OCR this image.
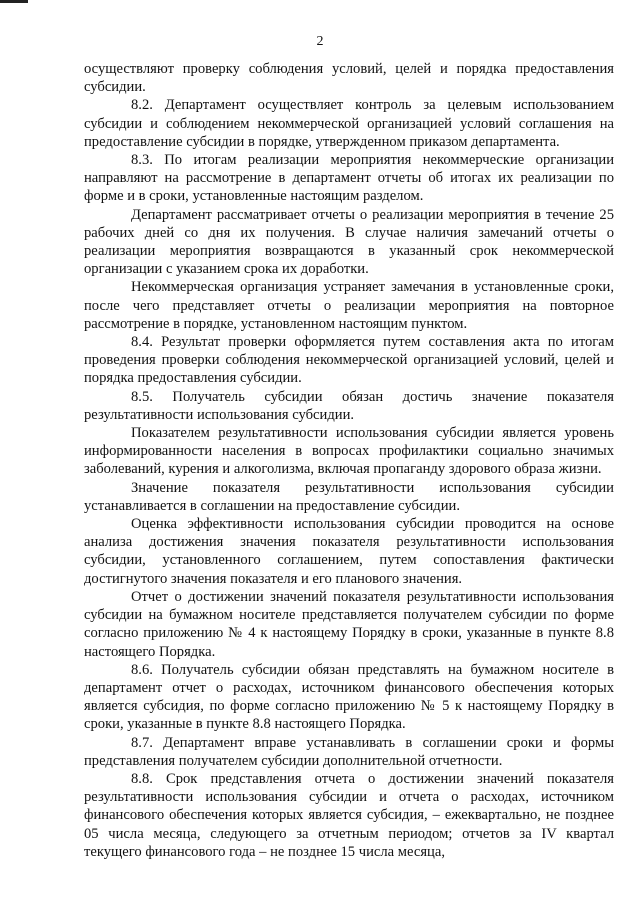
2

осуществляют проверку соблюдения условий, целей и порядка предоставления субсидии.

8.2. Департамент осуществляет контроль за целевым использованием субсидии и соблюдением некоммерческой организацией условий соглашения на предоставление субсидии в порядке, утвержденном приказом департамента.

8.3. По итогам реализации мероприятия некоммерческие организации направляют на рассмотрение в департамент отчеты об итогах их реализации по форме и в сроки, установленные настоящим разделом.

Департамент рассматривает отчеты о реализации мероприятия в течение 25 рабочих дней со дня их получения. В случае наличия замечаний отчеты о реализации мероприятия возвращаются в указанный срок некоммерческой организации с указанием срока их доработки.

Некоммерческая организация устраняет замечания в установленные сроки, после чего представляет отчеты о реализации мероприятия на повторное рассмотрение в порядке, установленном настоящим пунктом.

8.4. Результат проверки оформляется путем составления акта по итогам проведения проверки соблюдения некоммерческой организацией условий, целей и порядка предоставления субсидии.

8.5. Получатель субсидии обязан достичь значение показателя результативности использования субсидии.

Показателем результативности использования субсидии является уровень информированности населения в вопросах профилактики социально значимых заболеваний, курения и алкоголизма, включая пропаганду здорового образа жизни.

Значение показателя результативности использования субсидии устанавливается в соглашении на предоставление субсидии.

Оценка эффективности использования субсидии проводится на основе анализа достижения значения показателя результативности использования субсидии, установленного соглашением, путем сопоставления фактически достигнутого значения показателя и его планового значения.

Отчет о достижении значений показателя результативности использования субсидии на бумажном носителе представляется получателем субсидии по форме согласно приложению № 4 к настоящему Порядку в сроки, указанные в пункте 8.8 настоящего Порядка.

8.6. Получатель субсидии обязан представлять на бумажном носителе в департамент отчет о расходах, источником финансового обеспечения которых является субсидия, по форме согласно приложению № 5 к настоящему Порядку в сроки, указанные в пункте 8.8 настоящего Порядка.

8.7. Департамент вправе устанавливать в соглашении сроки и формы представления получателем субсидии дополнительной отчетности.

8.8. Срок представления отчета о достижении значений показателя результативности использования субсидии и отчета о расходах, источником финансового обеспечения которых является субсидия, – ежеквартально, не позднее 05 числа месяца, следующего за отчетным периодом; отчетов за IV квартал текущего финансового года – не позднее 15 числа месяца,
